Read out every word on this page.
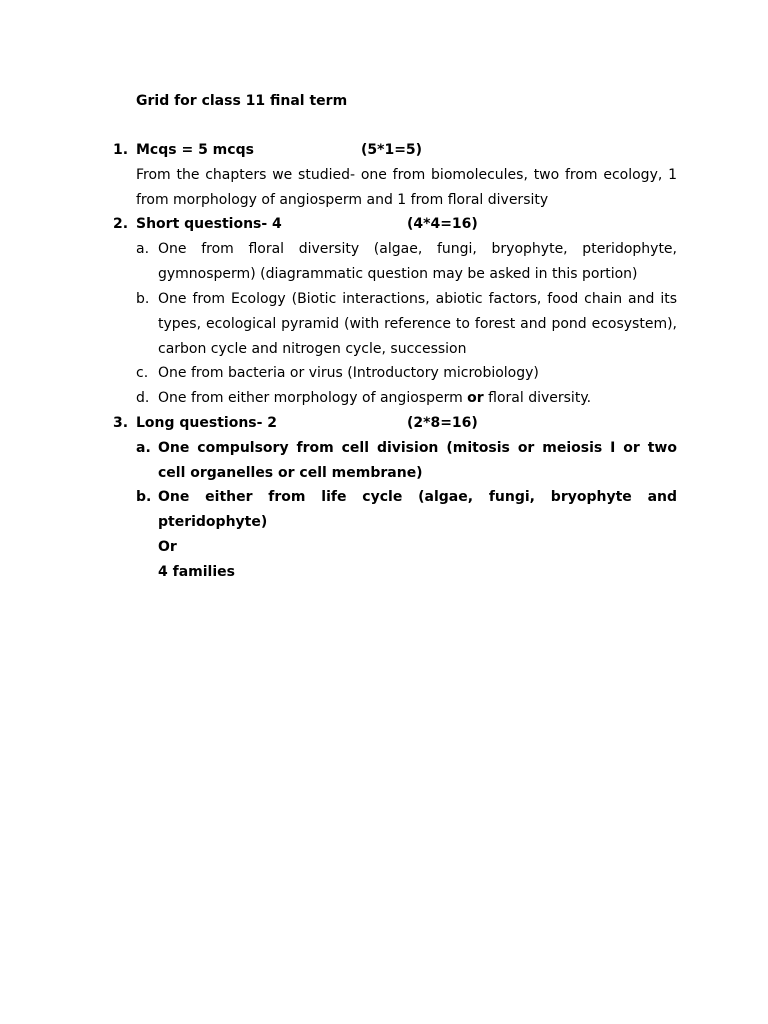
Grid for class 11 final term
1. Mcqs = 5 mcqs	(5*1=5)
From the chapters we studied- one from biomolecules, two from ecology, 1 from morphology of angiosperm and 1 from floral diversity
2. Short questions- 4	(4*4=16)
a. One from floral diversity (algae, fungi, bryophyte, pteridophyte, gymnosperm) (diagrammatic question may be asked in this portion)
b. One from Ecology (Biotic interactions, abiotic factors, food chain and its types, ecological pyramid (with reference to forest and pond ecosystem), carbon cycle and nitrogen cycle, succession
c. One from bacteria or virus (Introductory microbiology)
d. One from either morphology of angiosperm or floral diversity.
3. Long questions- 2	(2*8=16)
a. One compulsory from cell division (mitosis or meiosis I or two cell organelles or cell membrane)
b. One either from life cycle (algae, fungi, bryophyte and pteridophyte)
Or
4 families
